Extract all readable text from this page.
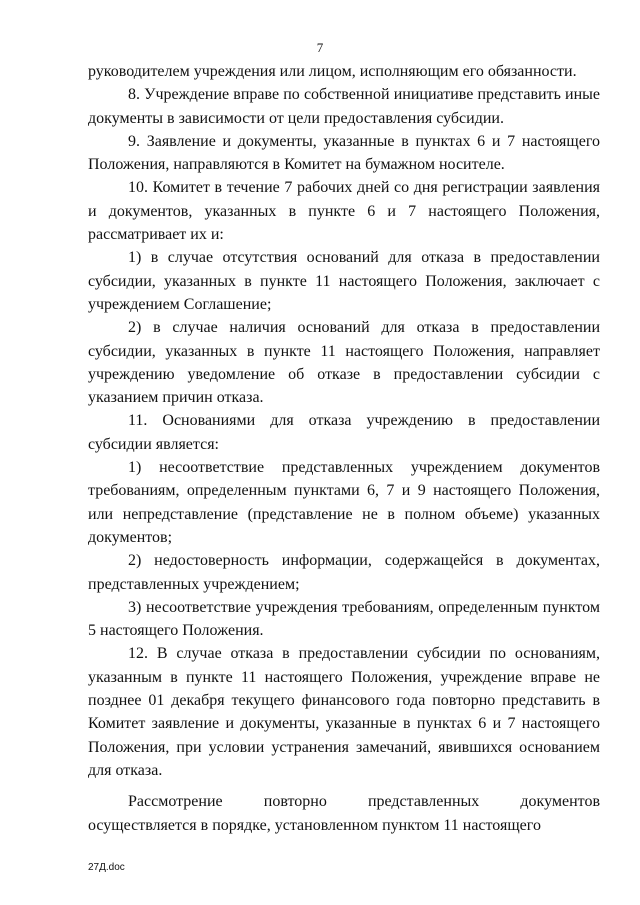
7

руководителем учреждения или лицом, исполняющим его обязанности.

8. Учреждение вправе по собственной инициативе представить иные документы в зависимости от цели предоставления субсидии.

9. Заявление и документы, указанные в пунктах 6 и 7 настоящего Положения, направляются в Комитет на бумажном носителе.

10. Комитет в течение 7 рабочих дней со дня регистрации заявления и документов, указанных в пункте 6 и 7 настоящего Положения, рассматривает их и:

1) в случае отсутствия оснований для отказа в предоставлении субсидии, указанных в пункте 11 настоящего Положения, заключает с учреждением Соглашение;

2) в случае наличия оснований для отказа в предоставлении субсидии, указанных в пункте 11 настоящего Положения, направляет учреждению уведомление об отказе в предоставлении субсидии с указанием причин отказа.

11. Основаниями для отказа учреждению в предоставлении субсидии является:

1) несоответствие представленных учреждением документов требованиям, определенным пунктами 6, 7 и 9 настоящего Положения, или непредставление (представление не в полном объеме) указанных документов;

2) недостоверность информации, содержащейся в документах, представленных учреждением;

3) несоответствие учреждения требованиям, определенным пунктом 5 настоящего Положения.

12. В случае отказа в предоставлении субсидии по основаниям, указанным в пункте 11 настоящего Положения, учреждение вправе не позднее 01 декабря текущего финансового года повторно представить в Комитет заявление и документы, указанные в пунктах 6 и 7 настоящего Положения, при условии устранения замечаний, явившихся основанием для отказа.

Рассмотрение повторно представленных документов осуществляется в порядке, установленном пунктом 11 настоящего

27Д.doc
